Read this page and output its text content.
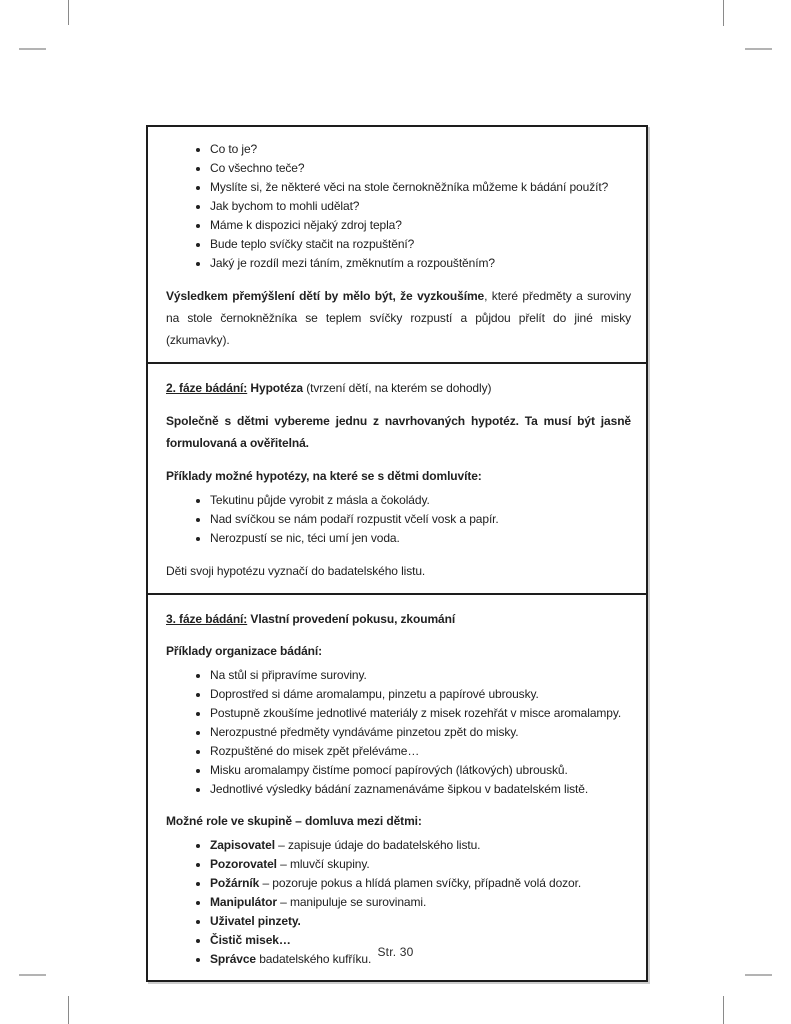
Co to je?
Co všechno teče?
Myslíte si, že některé věci na stole černokněžníka můžeme k bádání použít?
Jak bychom to mohli udělat?
Máme k dispozici nějaký zdroj tepla?
Bude teplo svíčky stačit na rozpuštění?
Jaký je rozdíl mezi táním, změknutím a rozpouštěním?

Výsledkem přemýšlení dětí by mělo být, že vyzkoušíme, které předměty a suroviny na stole černokněžníka se teplem svíčky rozpustí a půjdou přelít do jiné misky (zkumavky).

2. fáze bádání: Hypotéza (tvrzení dětí, na kterém se dohodly)

Společně s dětmi vybereme jednu z navrhovaných hypotéz. Ta musí být jasně formulovaná a ověřitelná.

Příklady možné hypotézy, na které se s dětmi domluvíte:
Tekutinu půjde vyrobit z másla a čokolády.
Nad svíčkou se nám podaří rozpustit včelí vosk a papír.
Nerozpustí se nic, téci umí jen voda.

Děti svoji hypotézu vyznačí do badatelského listu.

3. fáze bádání: Vlastní provedení pokusu, zkoumání
Příklady organizace bádání:
Na stůl si připravíme suroviny.
Doprostřed si dáme aromalampu, pinzetu a papírové ubrousky.
Postupně zkoušíme jednotlivé materiály z misek rozehřát v misce aromalampy.
Nerozpustné předměty vyndáváme pinzetou zpět do misky.
Rozpuštěné do misek zpět přeléváme…
Misku aromalampy čistíme pomocí papírových (látkových) ubrousků.
Jednotlivé výsledky bádání zaznamenáváme šipkou v badatelském listě.
Možné role ve skupině – domluva mezi dětmi:
Zapisovatel – zapisuje údaje do badatelského listu.
Pozorovatel – mluvčí skupiny.
Požárník – pozoruje pokus a hlídá plamen svíčky, případně volá dozor.
Manipulátor – manipuluje se surovinami.
Uživatel pinzety.
Čistič misek…
Správce badatelského kufříku. Str. 30
